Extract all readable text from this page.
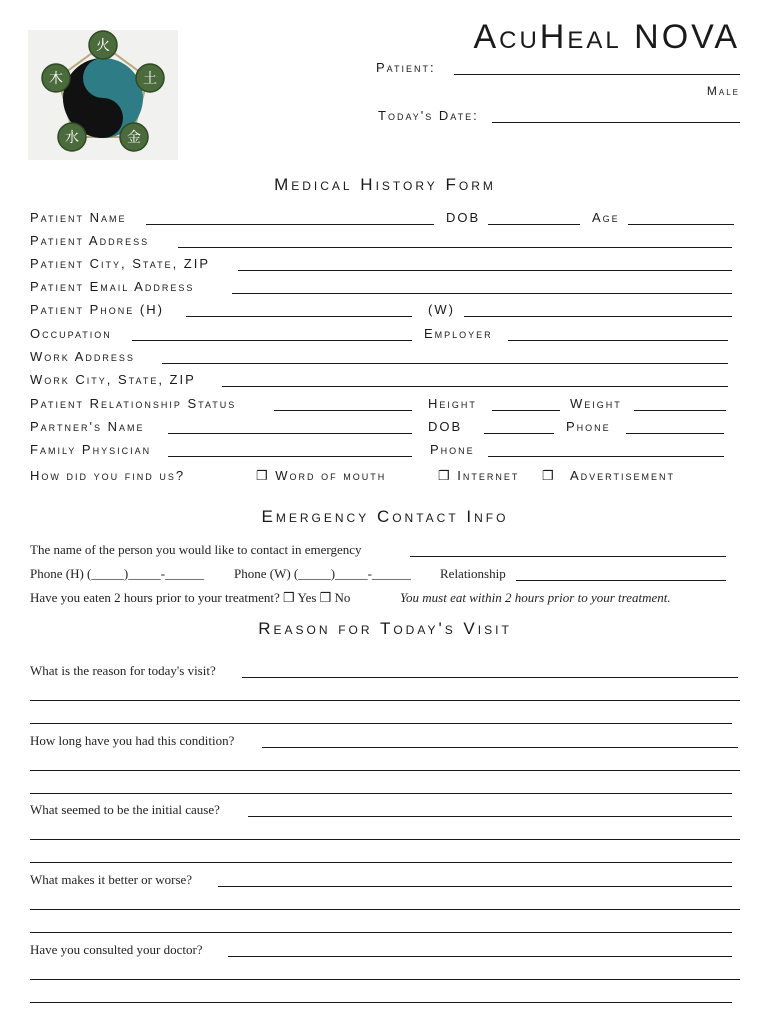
火
土
金
水
木
AcuHeal NOVA
Patient:
Male
Today's Date:
Medical History Form
Patient Name	DOB	Age
Patient Address
Patient City, State, ZIP
Patient Email Address
Patient Phone (H)	(W)
Occupation	Employer
Work Address
Work City, State, ZIP
Patient Relationship Status	Height	Weight
Partner's Name	DOB	Phone
Family Physician	Phone
How did you find us?	❒ Word of mouth	❒ Internet ❒ Advertisement
Emergency Contact Info
The name of the person you would like to contact in emergency
Phone (H) (_____)_____-______ Phone (W) (_____)_____-______ Relationship
Have you eaten 2 hours prior to your treatment? ❒ Yes ❒ No	You must eat within 2 hours prior to your treatment.
Reason for Today's Visit
What is the reason for today's visit?
How long have you had this condition?
What seemed to be the initial cause?
What makes it better or worse?
Have you consulted your doctor?
